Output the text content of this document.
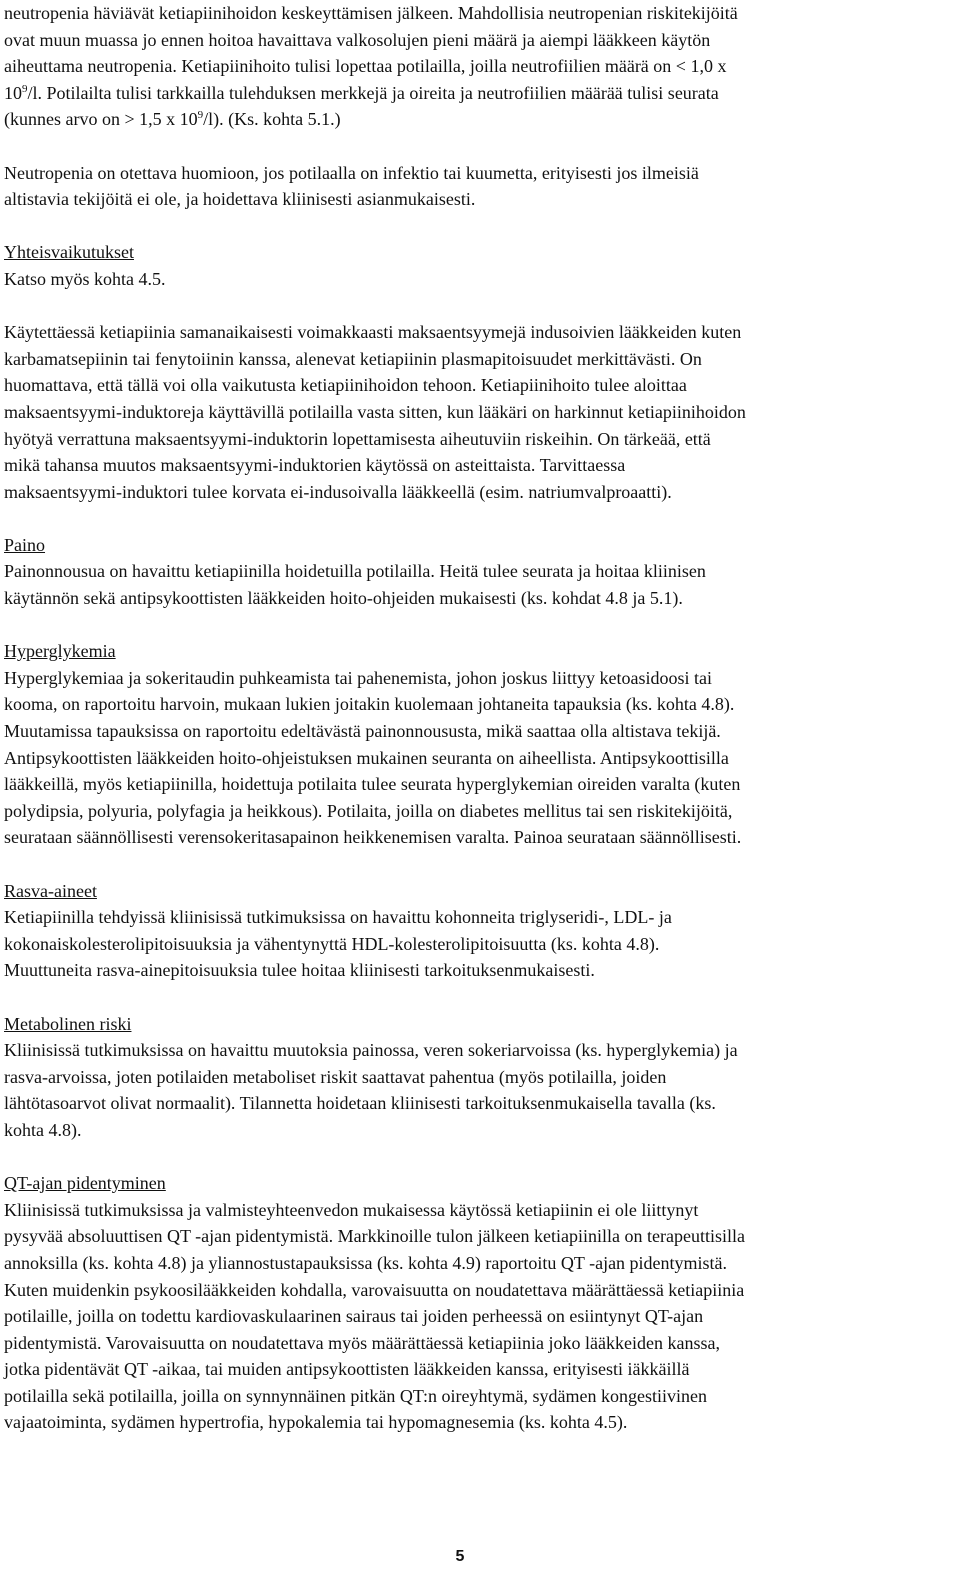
neutropenia häviävät ketiapiinihoidon keskeyttämisen jälkeen. Mahdollisia neutropenian riskitekijöitä
ovat muun muassa jo ennen hoitoa havaittava valkosolujen pieni määrä ja aiempi lääkkeen käytön
aiheuttama neutropenia. Ketiapiinihoito tulisi lopettaa potilailla, joilla neutrofiilien määrä on < 1,0 x
$10^9/l$. Potilailta tulisi tarkkailla tulehduksen merkkejä ja oireita ja neutrofiilien määrää tulisi seurata
(kunnes arvo on > 1,5 x $10^9/l$). (Ks. kohta 5.1.)
Neutropenia on otettava huomioon, jos potilaalla on infektio tai kuumetta, erityisesti jos ilmeisiä
altistavia tekijöitä ei ole, ja hoidettava kliinisesti asianmukaisesti.
Yhteisvaikutukset
Katso myös kohta 4.5.
Käytettäessä ketiapiinia samanaikaisesti voimakkaasti maksaentsyymejä indusoivien lääkkeiden kuten
karbamatsepiinin tai fenytoiinin kanssa, alenevat ketiapiinin plasmapitoisuudet merkittävästi. On
huomattava, että tällä voi olla vaikutusta ketiapiinihoidon tehoon. Ketiapiinihoito tulee aloittaa
maksaentsyymi-induktoreja käyttävillä potilailla vasta sitten, kun lääkäri on harkinnut ketiapiinihoidon
hyötyä verrattuna maksaentsyymi-induktorin lopettamisesta aiheutuviin riskeihin. On tärkeää, että
mikä tahansa muutos maksaentsyymi-induktorien käytössä on asteittaista. Tarvittaessa
maksaentsyymi-induktori tulee korvata ei-indusoivalla lääkkeellä (esim. natriumvalproaatti).
Paino
Painonnousua on havaittu ketiapiinilla hoidetuilla potilailla. Heitä tulee seurata ja hoitaa kliinisen
käytännön sekä antipsykoottisten lääkkeiden hoito-ohjeiden mukaisesti (ks. kohdat 4.8 ja 5.1).
Hyperglykemia
Hyperglykemiaa ja sokeritaudin puhkeamista tai pahenemista, johon joskus liittyy ketoasidoosi tai
kooma, on raportoitu harvoin, mukaan lukien joitakin kuolemaan johtaneita tapauksia (ks. kohta 4.8).
Muutamissa tapauksissa on raportoitu edeltävästä painonnoususta, mikä saattaa olla altistava tekijä.
Antipsykoottisten lääkkeiden hoito-ohjeistuksen mukainen seuranta on aiheellista. Antipsykoottisilla
lääkkeillä, myös ketiapiinilla, hoidettuja potilaita tulee seurata hyperglykemian oireiden varalta (kuten
polydipsia, polyuria, polyfagia ja heikkous). Potilaita, joilla on diabetes mellitus tai sen riskitekijöitä,
seurataan säännöllisesti verensokeritasapainon heikkenemisen varalta. Painoa seurataan säännöllisesti.
Rasva-aineet
Ketiapiinilla tehdyissä kliinisissä tutkimuksissa on havaittu kohonneita triglyseridi-, LDL- ja
kokonaiskolesterolipitoisuuksia ja vähentynyttä HDL-kolesterolipitoisuutta (ks. kohta 4.8).
Muuttuneita rasva-ainepitoisuuksia tulee hoitaa kliinisesti tarkoituksenmukaisesti.
Metabolinen riski
Kliinisissä tutkimuksissa on havaittu muutoksia painossa, veren sokeriarvoissa (ks. hyperglykemia) ja
rasva-arvoissa, joten potilaiden metaboliset riskit saattavat pahentua (myös potilailla, joiden
lähtötasoarvot olivat normaalit). Tilannetta hoidetaan kliinisesti tarkoituksenmukaisella tavalla (ks.
kohta 4.8).
QT-ajan pidentyminen
Kliinisissä tutkimuksissa ja valmisteyhteenvedon mukaisessa käytössä ketiapiinin ei ole liittynyt
pysyvää absoluuttisen QT -ajan pidentymistä. Markkinoille tulon jälkeen ketiapiinilla on terapeuttisilla
annoksilla (ks. kohta 4.8) ja yliannostustapauksissa (ks. kohta 4.9) raportoitu QT -ajan pidentymistä.
Kuten muidenkin psykoosilääkkeiden kohdalla, varovaisuutta on noudatettava määrättäessä ketiapiinia
potilaille, joilla on todettu kardiovaskulaarinen sairaus tai joiden perheessä on esiintynyt QT-ajan
pidentymistä. Varovaisuutta on noudatettava myös määrättäessä ketiapiinia joko lääkkeiden kanssa,
jotka pidentävät QT -aikaa, tai muiden antipsykoottisten lääkkeiden kanssa, erityisesti iäkkäillä
potilailla sekä potilailla, joilla on synnynnäinen pitkän QT:n oireyhtymä, sydämen kongestiivinen
vajaatoiminta, sydämen hypertrofia, hypokalemia tai hypomagnesemia (ks. kohta 4.5).
5
